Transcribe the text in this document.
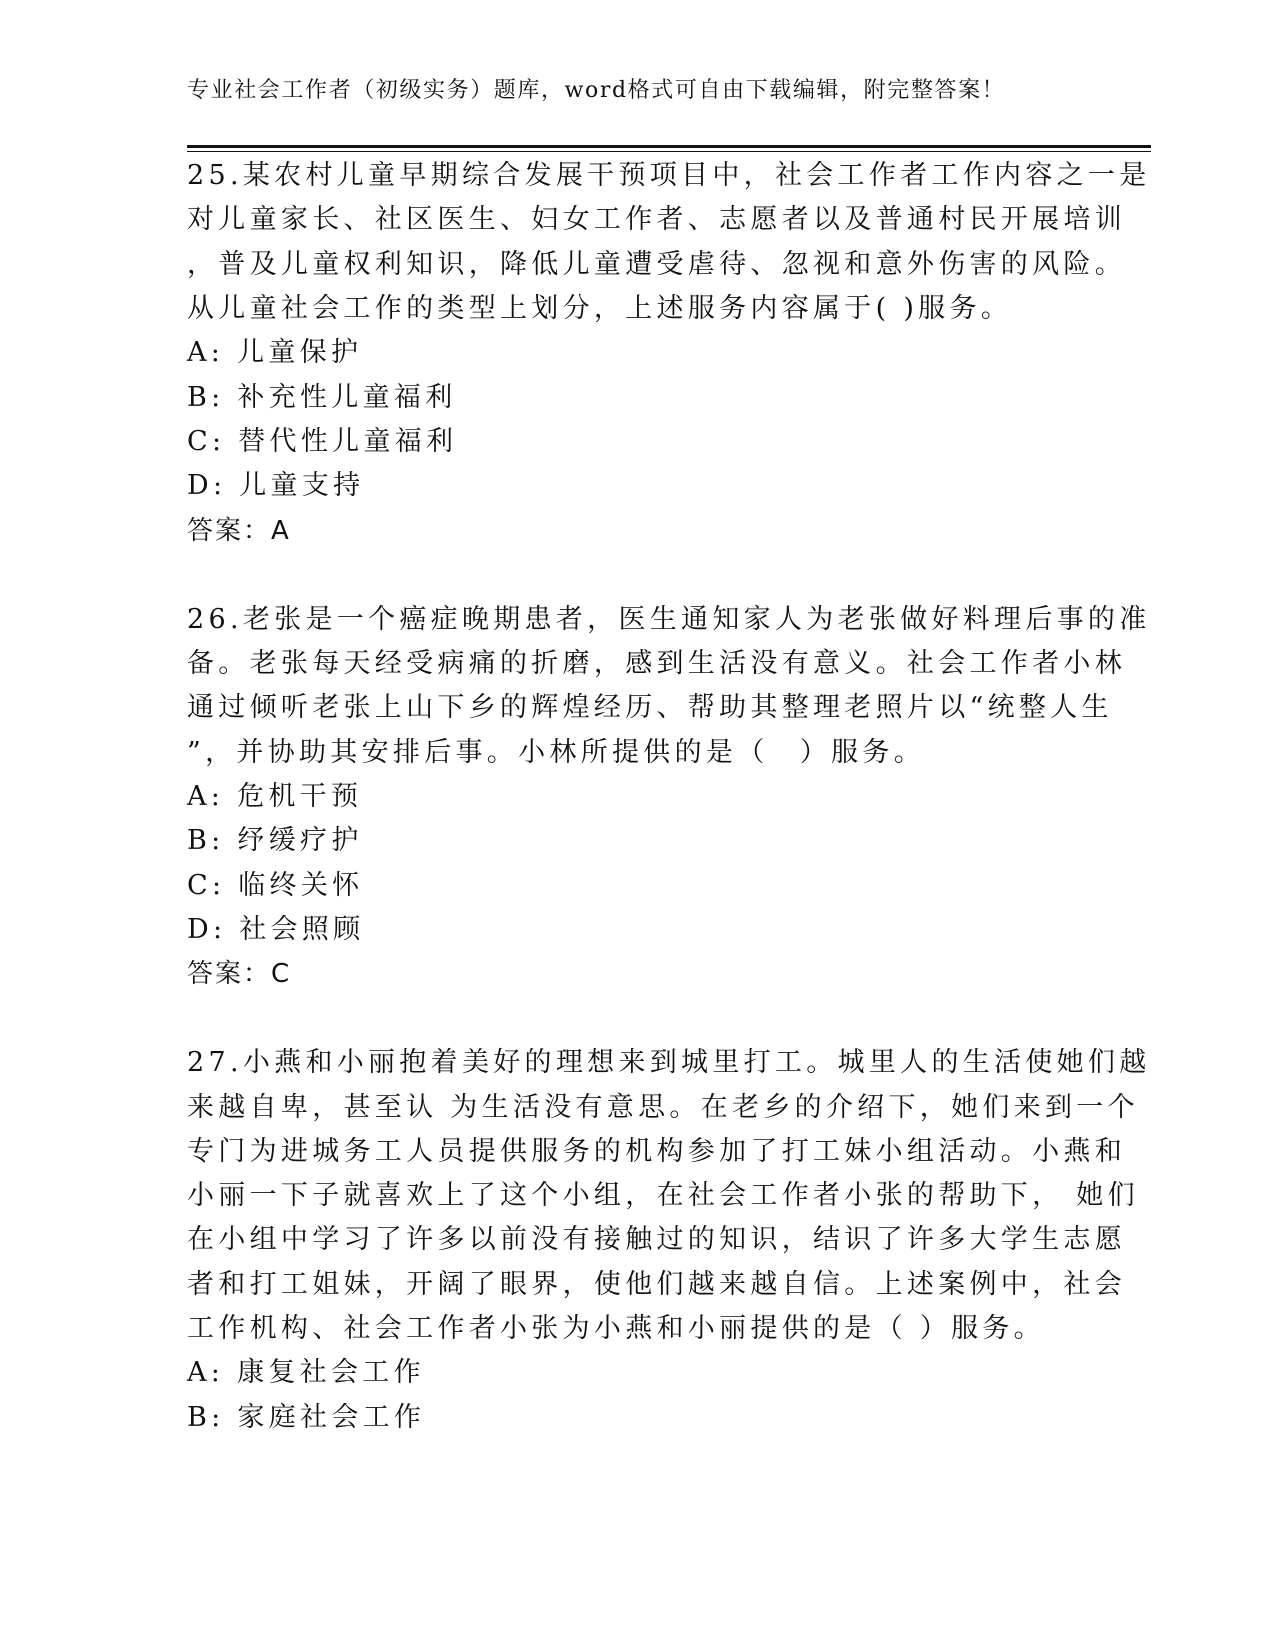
专业社会工作者（初级实务）题库，word格式可自由下载编辑，附完整答案！
25.某农村儿童早期综合发展干预项目中，社会工作者工作内容之一是
对儿童家长、社区医生、妇女工作者、志愿者以及普通村民开展培训
，普及儿童权利知识，降低儿童遭受虐待、忽视和意外伤害的风险。
从儿童社会工作的类型上划分，上述服务内容属于( )服务。
A: 儿童保护
B: 补充性儿童福利
C: 替代性儿童福利
D: 儿童支持
答案：A
26.老张是一个癌症晚期患者，医生通知家人为老张做好料理后事的准
备。老张每天经受病痛的折磨，感到生活没有意义。社会工作者小林
通过倾听老张上山下乡的辉煌经历、帮助其整理老照片以“统整人生
”，并协助其安排后事。小林所提供的是（　）服务。
A: 危机干预
B: 纾缓疗护
C: 临终关怀
D: 社会照顾
答案：C
27.小燕和小丽抱着美好的理想来到城里打工。城里人的生活使她们越
来越自卑，甚至认 为生活没有意思。在老乡的介绍下，她们来到一个
专门为进城务工人员提供服务的机构参加了打工妹小组活动。小燕和
小丽一下子就喜欢上了这个小组，在社会工作者小张的帮助下， 她们
在小组中学习了许多以前没有接触过的知识，结识了许多大学生志愿
者和打工姐妹，开阔了眼界，使他们越来越自信。上述案例中，社会
工作机构、社会工作者小张为小燕和小丽提供的是（ ）服务。
A: 康复社会工作
B: 家庭社会工作
